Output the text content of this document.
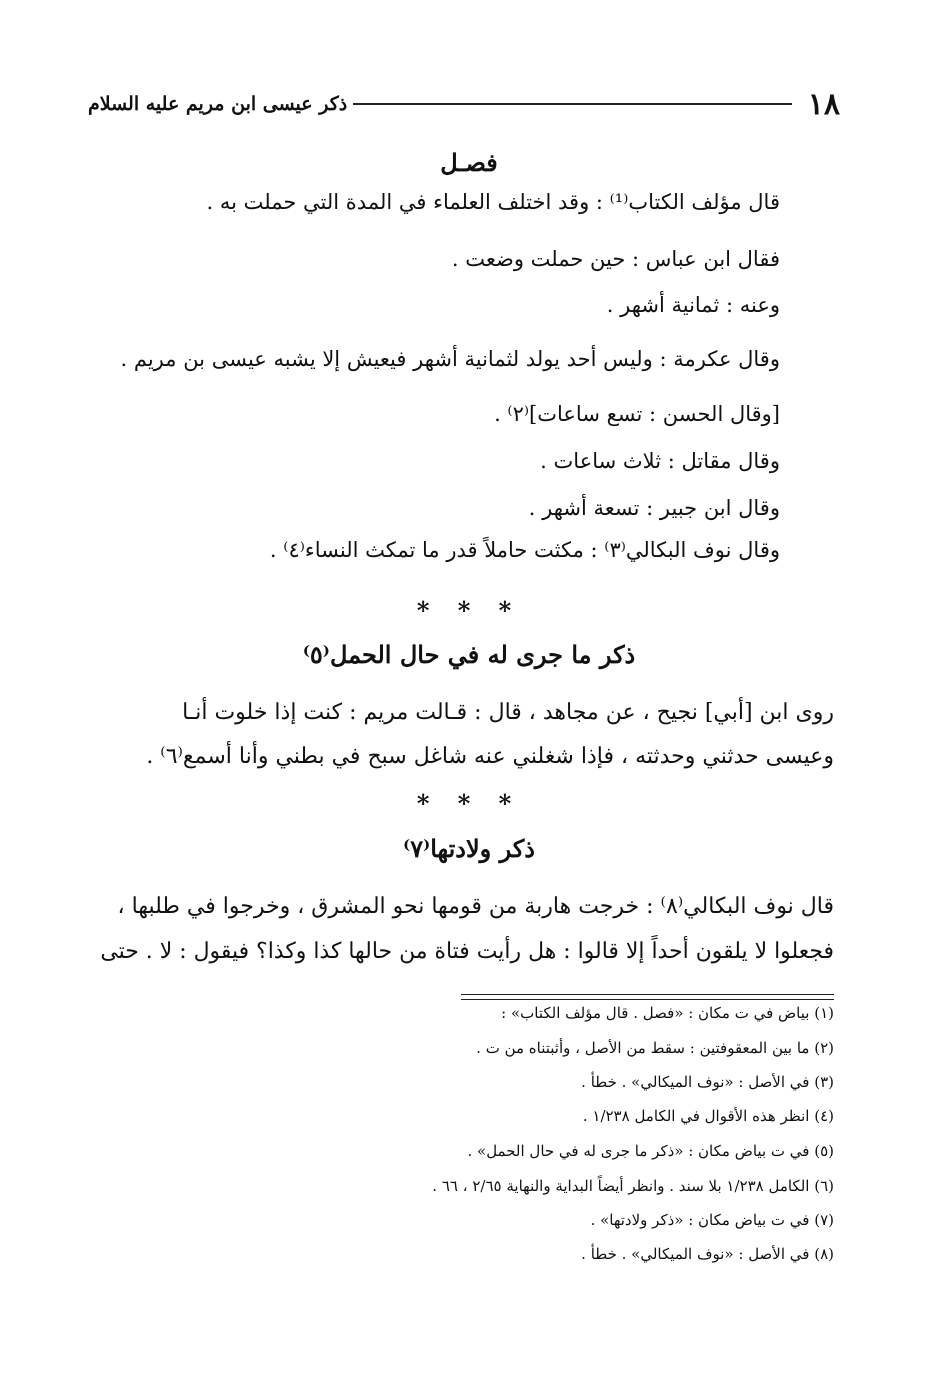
١٨
ذكر عيسى ابن مريم عليه السلام
فصـل
قال مؤلف الكتاب⁽¹⁾ : وقد اختلف العلماء في المدة التي حملت به .
فقال ابن عباس : حين حملت وضعت .
وعنه : ثمانية أشهر .
وقال عكرمة : وليس أحد يولد لثمانية أشهر فيعيش إلا يشبه عيسى بن مريم .
[وقال الحسن : تسع ساعات]⁽٢⁾ .
وقال مقاتل : ثلاث ساعات .
وقال ابن جبير : تسعة أشهر .
وقال نوف البكالي⁽٣⁾ : مكثت حاملاً قدر ما تمكث النساء⁽٤⁾ .
* * *
ذكر ما جرى له في حال الحمل⁽٥⁾
روى ابن [أبي] نجيح ، عن مجاهد ، قال : قـالت مريم : كنت إذا خلوت أنـا
وعيسى حدثني وحدثته ، فإذا شغلني عنه شاغل سبح في بطني وأنا أسمع⁽٦⁾ .
* * *
ذكر ولادتها⁽٧⁾
قال نوف البكالي⁽٨⁾ : خرجت هاربة من قومها نحو المشرق ، وخرجوا في طلبها ،
فجعلوا لا يلقون أحداً إلا قالوا : هل رأيت فتاة من حالها كذا وكذا؟ فيقول : لا . حتى
(١) بياض في ت مكان : «فصل . قال مؤلف الكتاب» :
(٢) ما بين المعقوفتين : سقط من الأصل ، وأثبتناه من ت .
(٣) في الأصل : «نوف الميكالي» . خطأ .
(٤) انظر هذه الأقوال في الكامل ١/٢٣٨ .
(٥) في ت بياض مكان : «ذكر ما جرى له في حال الحمل» .
(٦) الكامل ١/٢٣٨ بلا سند . وانظر أيضاً البداية والنهاية ٢/٦٥ ، ٦٦ .
(٧) في ت بياض مكان : «ذكر ولادتها» .
(٨) في الأصل : «نوف الميكالي» . خطأ .
